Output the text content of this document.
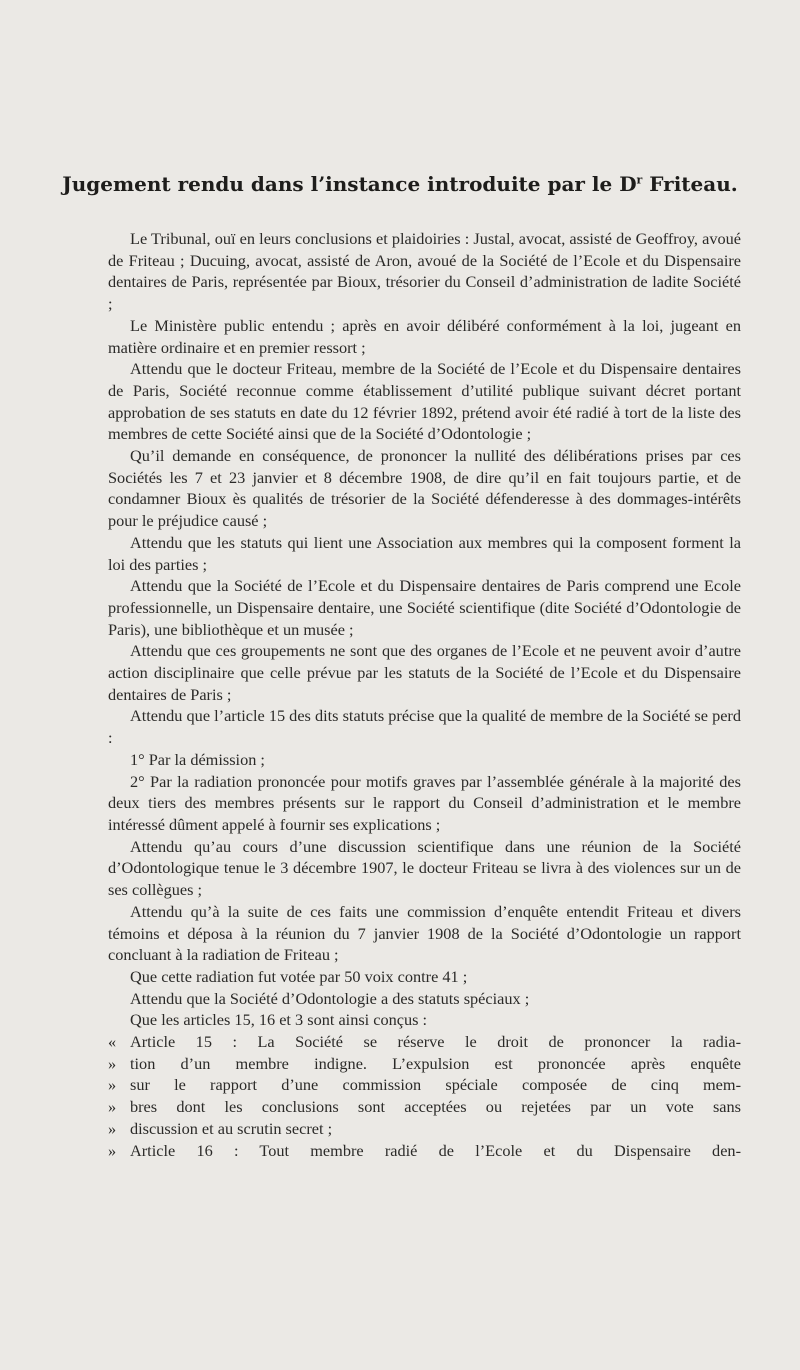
Jugement rendu dans l’instance introduite par le $D^r$ Friteau.

Le Tribunal, ouï en leurs conclusions et plaidoiries : Justal, avocat, assisté de Geoffroy, avoué de Friteau ; Ducuing, avocat, assisté de Aron, avoué de la Société de l’Ecole et du Dispensaire dentaires de Paris, représentée par Bioux, trésorier du Conseil d’administration de ladite Société ;

Le Ministère public entendu ; après en avoir délibéré conformément à la loi, jugeant en matière ordinaire et en premier ressort ;

Attendu que le docteur Friteau, membre de la Société de l’Ecole et du Dispensaire dentaires de Paris, Société reconnue comme établissement d’utilité publique suivant décret portant approbation de ses statuts en date du 12 février 1892, prétend avoir été radié à tort de la liste des membres de cette Société ainsi que de la Société d’Odontologie ;

Qu’il demande en conséquence, de prononcer la nullité des délibérations prises par ces Sociétés les 7 et 23 janvier et 8 décembre 1908, de dire qu’il en fait toujours partie, et de condamner Bioux ès qualités de trésorier de la Société défenderesse à des dommages-intérêts pour le préjudice causé ;

Attendu que les statuts qui lient une Association aux membres qui la composent forment la loi des parties ;

Attendu que la Société de l’Ecole et du Dispensaire dentaires de Paris comprend une Ecole professionnelle, un Dispensaire dentaire, une Société scientifique (dite Société d’Odontologie de Paris), une bibliothèque et un musée ;

Attendu que ces groupements ne sont que des organes de l’Ecole et ne peuvent avoir d’autre action disciplinaire que celle prévue par les statuts de la Société de l’Ecole et du Dispensaire dentaires de Paris ;

Attendu que l’article 15 des dits statuts précise que la qualité de membre de la Société se perd :

1° Par la démission ;

2° Par la radiation prononcée pour motifs graves par l’assemblée générale à la majorité des deux tiers des membres présents sur le rapport du Conseil d’administration et le membre intéressé dûment appelé à fournir ses explications ;

Attendu qu’au cours d’une discussion scientifique dans une réunion de la Société d’Odontologique tenue le 3 décembre 1907, le docteur Friteau se livra à des violences sur un de ses collègues ;

Attendu qu’à la suite de ces faits une commission d’enquête entendit Friteau et divers témoins et déposa à la réunion du 7 janvier 1908 de la Société d’Odontologie un rapport concluant à la radiation de Friteau ;

Que cette radiation fut votée par 50 voix contre 41 ;

Attendu que la Société d’Odontologie a des statuts spéciaux ;

Que les articles 15, 16 et 3 sont ainsi conçus :

« Article 15 : La Société se réserve le droit de prononcer la radia-
» tion d’un membre indigne. L’expulsion est prononcée après enquête
» sur le rapport d’une commission spéciale composée de cinq mem-
» bres dont les conclusions sont acceptées ou rejetées par un vote sans
» discussion et au scrutin secret ;
» Article 16 : Tout membre radié de l’Ecole et du Dispensaire den-
